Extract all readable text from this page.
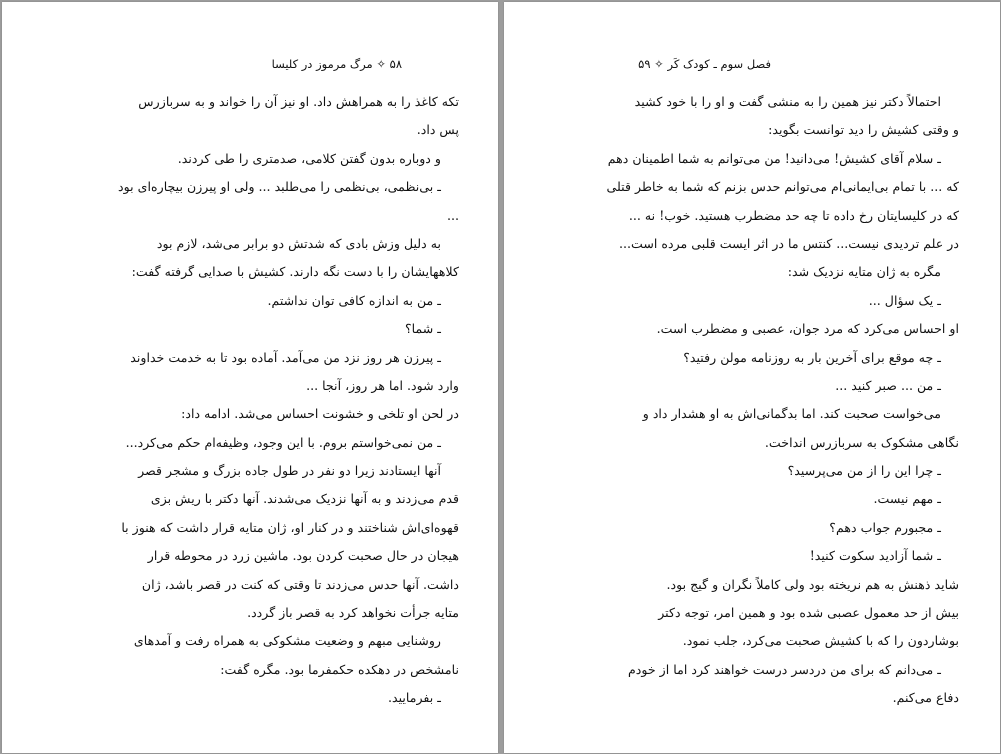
۵۸ ✧ مرگ مرموز در کلیسا
تکه کاغذ را به همراهش داد. او نیز آن را خواند و به سربازرس
پس داد.
و دوباره بدون گفتن کلامی، صدمتری را طی کردند.
ـ بی‌نظمی، بی‌نظمی را می‌طلبد ... ولی او پیرزن بیچاره‌ای بود
...
به دلیل وزش بادی که شدتش دو برابر می‌شد، لازم بود
کلاههایشان را با دست نگه دارند. کشیش با صدایی گرفته گفت:
ـ من به اندازه کافی توان نداشتم.
ـ شما؟
ـ پیرزن هر روز نزد من می‌آمد. آماده بود تا به خدمت خداوند
وارد شود. اما هر روز، آنجا ...
در لحن او تلخی و خشونت احساس می‌شد. ادامه داد:
ـ من نمی‌خواستم بروم. با این وجود، وظیفه‌ام حکم می‌کرد...
آنها ایستادند زیرا دو نفر در طول جاده بزرگ و مشجر قصر
قدم می‌زدند و به آنها نزدیک می‌شدند. آنها دکتر با ریش بزی
قهوه‌ای‌اش شناختند و در کنار او، ژان متایه قرار داشت که هنوز با
هیجان در حال صحبت کردن بود. ماشین زرد در محوطه قرار
داشت. آنها حدس می‌زدند تا وقتی که کنت در قصر باشد، ژان
متایه جرأت نخواهد کرد به قصر باز گردد.
روشنایی مبهم و وضعیت مشکوکی به همراه رفت و آمدهای
نامشخص در دهکده حکمفرما بود. مگره گفت:
ـ بفرمایید.
فصل سوم ـ کودک کَر ✧ ۵۹
احتمالاً دکتر نیز همین را به منشی گفت و او را با خود کشید
و وقتی کشیش را دید توانست بگوید:
ـ سلام آقای کشیش! می‌دانید! من می‌توانم به شما اطمینان دهم
که ... با تمام بی‌ایمانی‌ام می‌توانم حدس بزنم که شما به خاطر قتلی
که در کلیسایتان رخ داده تا چه حد مضطرب هستید. خوب! نه ...
در علم تردیدی نیست... کنتس ما در اثر ایست قلبی مرده است...
مگره به ژان متایه نزدیک شد:
ـ یک سؤال ...
او احساس می‌کرد که مرد جوان، عصبی و مضطرب است.
ـ چه موقع برای آخرین بار به روزنامه مولن رفتید؟
ـ من ... صبر کنید ...
می‌خواست صحبت کند. اما بدگمانی‌اش به او هشدار داد و
نگاهی مشکوک به سربازرس انداخت.
ـ چرا این را از من می‌پرسید؟
ـ مهم نیست.
ـ مجبورم جواب دهم؟
ـ شما آزادید سکوت کنید!
شاید ذهنش به هم نریخته بود ولی کاملاً نگران و گیج بود.
بیش از حد معمول عصبی شده بود و همین امر، توجه دکتر
بوشاردون را که با کشیش صحبت می‌کرد، جلب نمود.
ـ می‌دانم که برای من دردسر درست خواهند کرد اما از خودم
دفاع می‌کنم.
